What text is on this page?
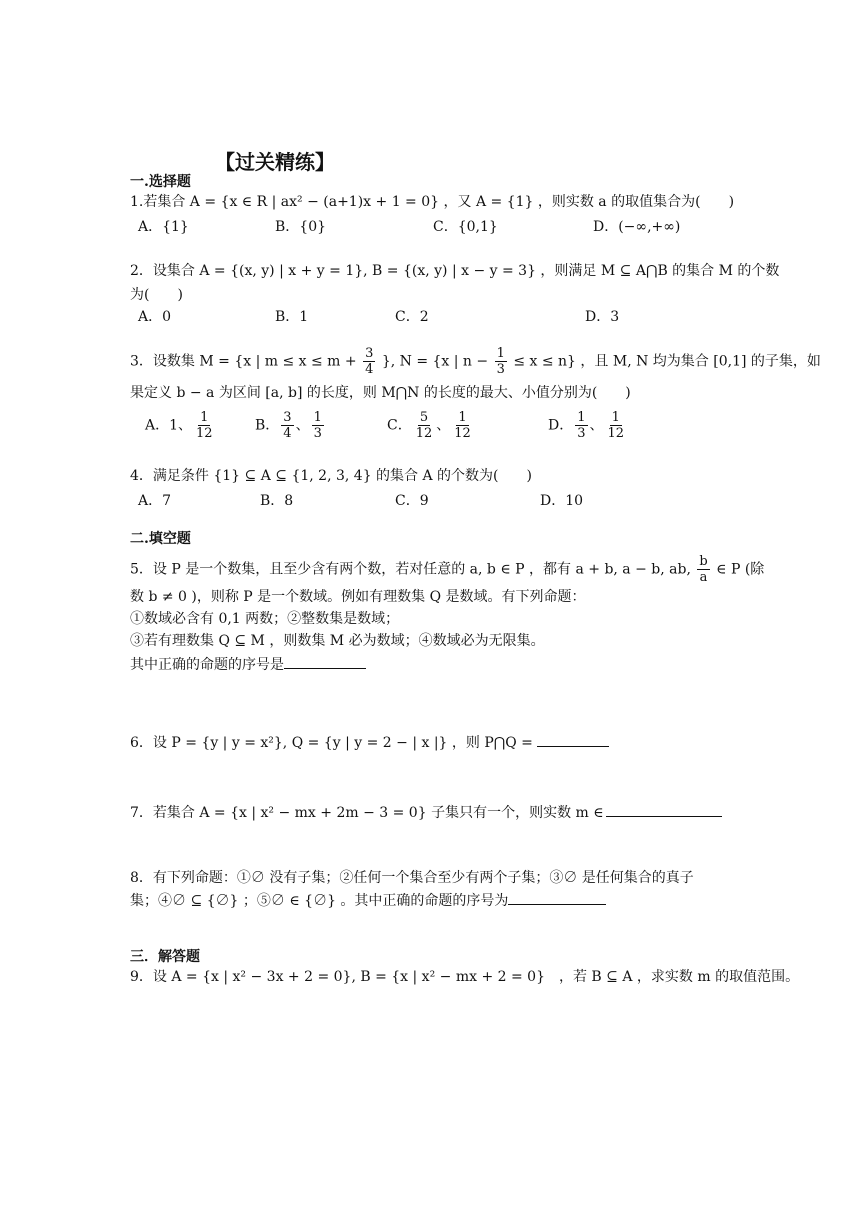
【过关精练】
一.选择题
1.若集合 A = {x ∈ R | ax² − (a+1)x + 1 = 0} ，又 A = {1} ，则实数 a 的取值集合为(　　)
A．{1}	B．{0}	C．{0,1}	D．(−∞,+∞)
2．设集合 A = {(x, y) | x + y = 1}, B = {(x, y) | x − y = 3} ，则满足 M ⊆ A⋂B 的集合 M 的个数
为(　　)
A．0	B．1	C．2	D．3
3．设数集 M = {x | $m \le x \le m + \frac{3}{4}$ }, N = {x | $n - \frac{1}{3} \le x \le n$} ，且 M, N 均为集合 [0,1] 的子集，如
果定义 b − a 为区间 [a, b] 的长度，则 M⋂N 的长度的最大、小值分别为(　　)
A．1、 $\frac{1}{12}$	B． $\frac{3}{4}$ 、 $\frac{1}{3}$	C． $\frac{5}{12}$ 、 $\frac{1}{12}$	D． $\frac{1}{3}$ 、 $\frac{1}{12}$
4．满足条件 {1} ⊆ A ⊆ {1, 2, 3, 4} 的集合 A 的个数为(　　)
A．7	B．8	C．9	D．10
二.填空题
5．设 P 是一个数集，且至少含有两个数，若对任意的 a, b ∈ P ，都有 a + b, a − b, ab, $\frac{b}{a}$ ∈ P (除
数 b ≠ 0 )，则称 P 是一个数域。例如有理数集 Q 是数域。有下列命题：
①数域必含有 0,1 两数；②整数集是数域；
③若有理数集 Q ⊆ M ，则数集 M 必为数域；④数域必为无限集。
其中正确的命题的序号是
6．设 P = {y | y = x²}, Q = {y | y = 2 − | x |} ，则 P⋂Q =
7．若集合 A = {x | x² − mx + 2m − 3 = 0} 子集只有一个，则实数 m ∈
8．有下列命题：①∅ 没有子集；②任何一个集合至少有两个子集；③∅ 是任何集合的真子
集；④∅ ⊆ {∅} ；⑤∅ ∈ {∅} 。其中正确的命题的序号为
三．解答题
9．设 A = {x | x² − 3x + 2 = 0}, B = {x | x² − mx + 2 = 0}　，若 B ⊆ A ，求实数 m 的取值范围。
